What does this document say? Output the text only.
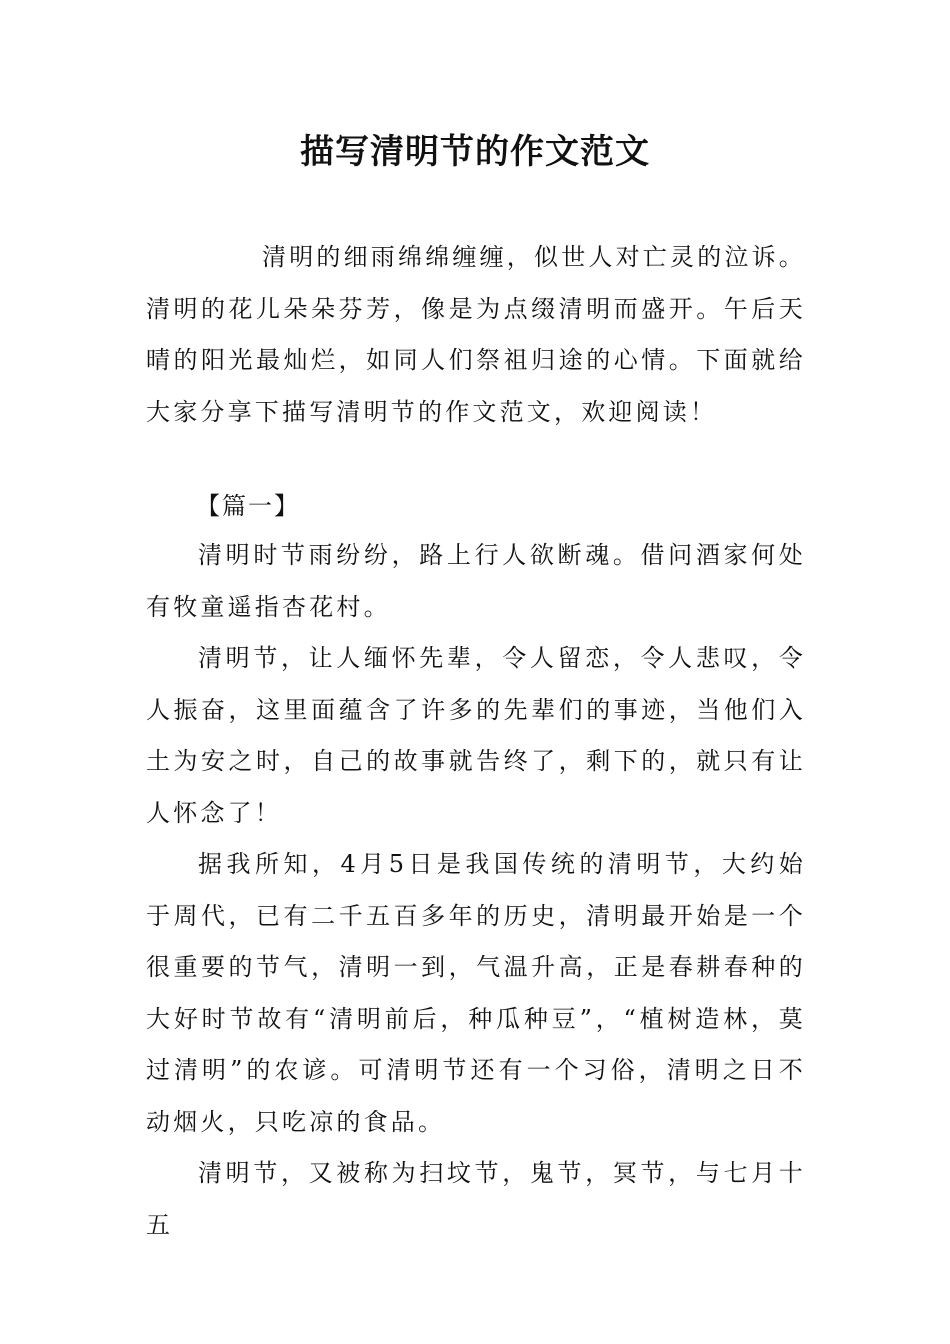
描写清明节的作文范文

清明的细雨绵绵缠缠，似世人对亡灵的泣诉。清明的花儿朵朵芬芳，像是为点缀清明而盛开。午后天晴的阳光最灿烂，如同人们祭祖归途的心情。下面就给大家分享下描写清明节的作文范文，欢迎阅读！

【篇一】

清明时节雨纷纷，路上行人欲断魂。借问酒家何处有牧童遥指杏花村。

清明节，让人缅怀先辈，令人留恋，令人悲叹，令人振奋，这里面蕴含了许多的先辈们的事迹，当他们入土为安之时，自己的故事就告终了，剩下的，就只有让人怀念了！

据我所知，4月5日是我国传统的清明节，大约始于周代，已有二千五百多年的历史，清明最开始是一个很重要的节气，清明一到，气温升高，正是春耕春种的大好时节故有“清明前后，种瓜种豆”，“植树造林，莫过清明”的农谚。可清明节还有一个习俗，清明之日不动烟火，只吃凉的食品。

清明节，又被称为扫坟节，鬼节，冥节，与七月十五
